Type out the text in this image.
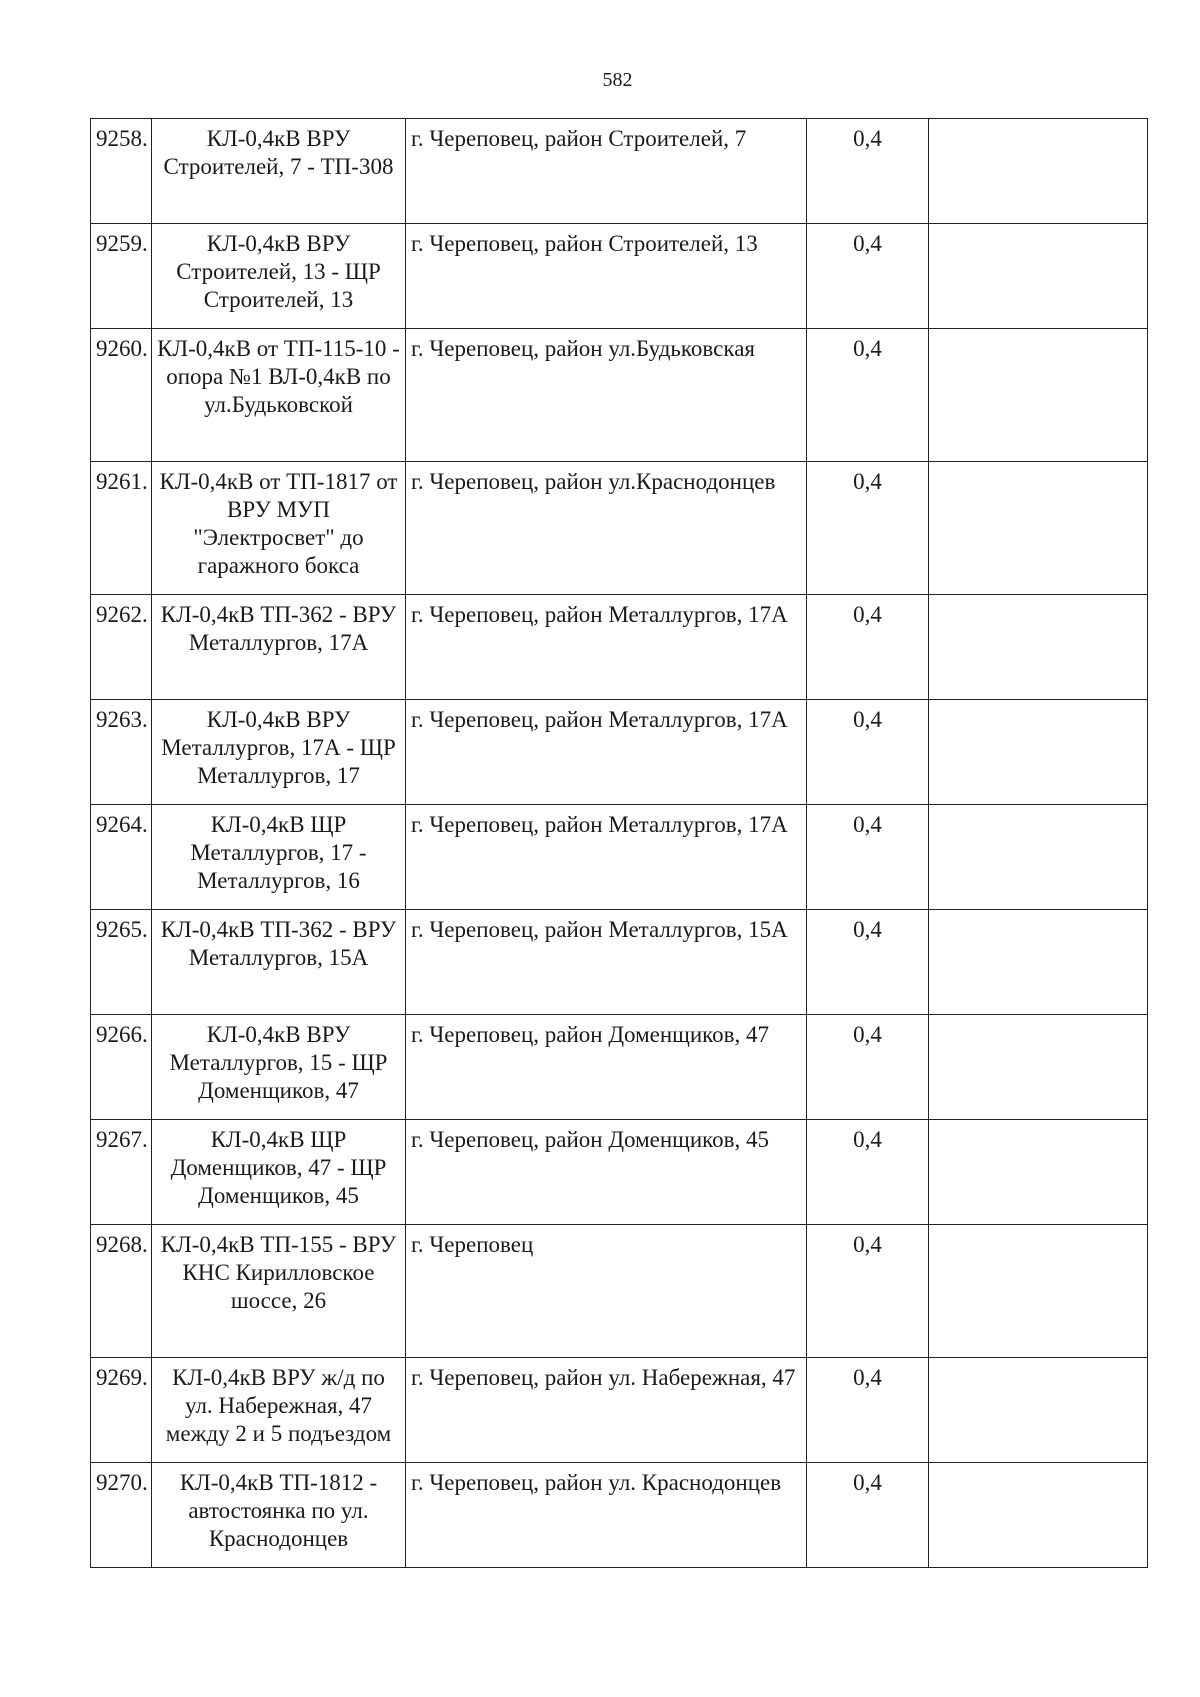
582
9258.	КЛ-0,4кВ ВРУ Строителей, 7 - ТП-308	г. Череповец, район Строителей, 7	0,4	
9259.	КЛ-0,4кВ ВРУ Строителей, 13 - ЩР Строителей, 13	г. Череповец, район Строителей, 13	0,4	
9260.	КЛ-0,4кВ от ТП-115-10 - опора №1 ВЛ-0,4кВ по ул.Будьковской	г. Череповец, район ул.Будьковская	0,4	
9261.	КЛ-0,4кВ от ТП-1817 от ВРУ МУП "Электросвет" до гаражного бокса	г. Череповец, район ул.Краснодонцев	0,4	
9262.	КЛ-0,4кВ ТП-362 - ВРУ Металлургов, 17А	г. Череповец, район Металлургов, 17А	0,4	
9263.	КЛ-0,4кВ ВРУ Металлургов, 17А - ЩР Металлургов, 17	г. Череповец, район Металлургов, 17А	0,4	
9264.	КЛ-0,4кВ ЩР Металлургов, 17 - Металлургов, 16	г. Череповец, район Металлургов, 17А	0,4	
9265.	КЛ-0,4кВ ТП-362 - ВРУ Металлургов, 15А	г. Череповец, район Металлургов, 15А	0,4	
9266.	КЛ-0,4кВ ВРУ Металлургов, 15 - ЩР Доменщиков, 47	г. Череповец, район Доменщиков, 47	0,4	
9267.	КЛ-0,4кВ ЩР Доменщиков, 47 - ЩР Доменщиков, 45	г. Череповец, район Доменщиков, 45	0,4	
9268.	КЛ-0,4кВ ТП-155 - ВРУ КНС Кирилловское шоссе, 26	г. Череповец	0,4	
9269.	КЛ-0,4кВ ВРУ ж/д по ул. Набережная, 47 между 2 и 5 подъездом	г. Череповец, район ул. Набережная, 47	0,4	
9270.	КЛ-0,4кВ ТП-1812 - автостоянка по ул. Краснодонцев	г. Череповец, район ул. Краснодонцев	0,4	
